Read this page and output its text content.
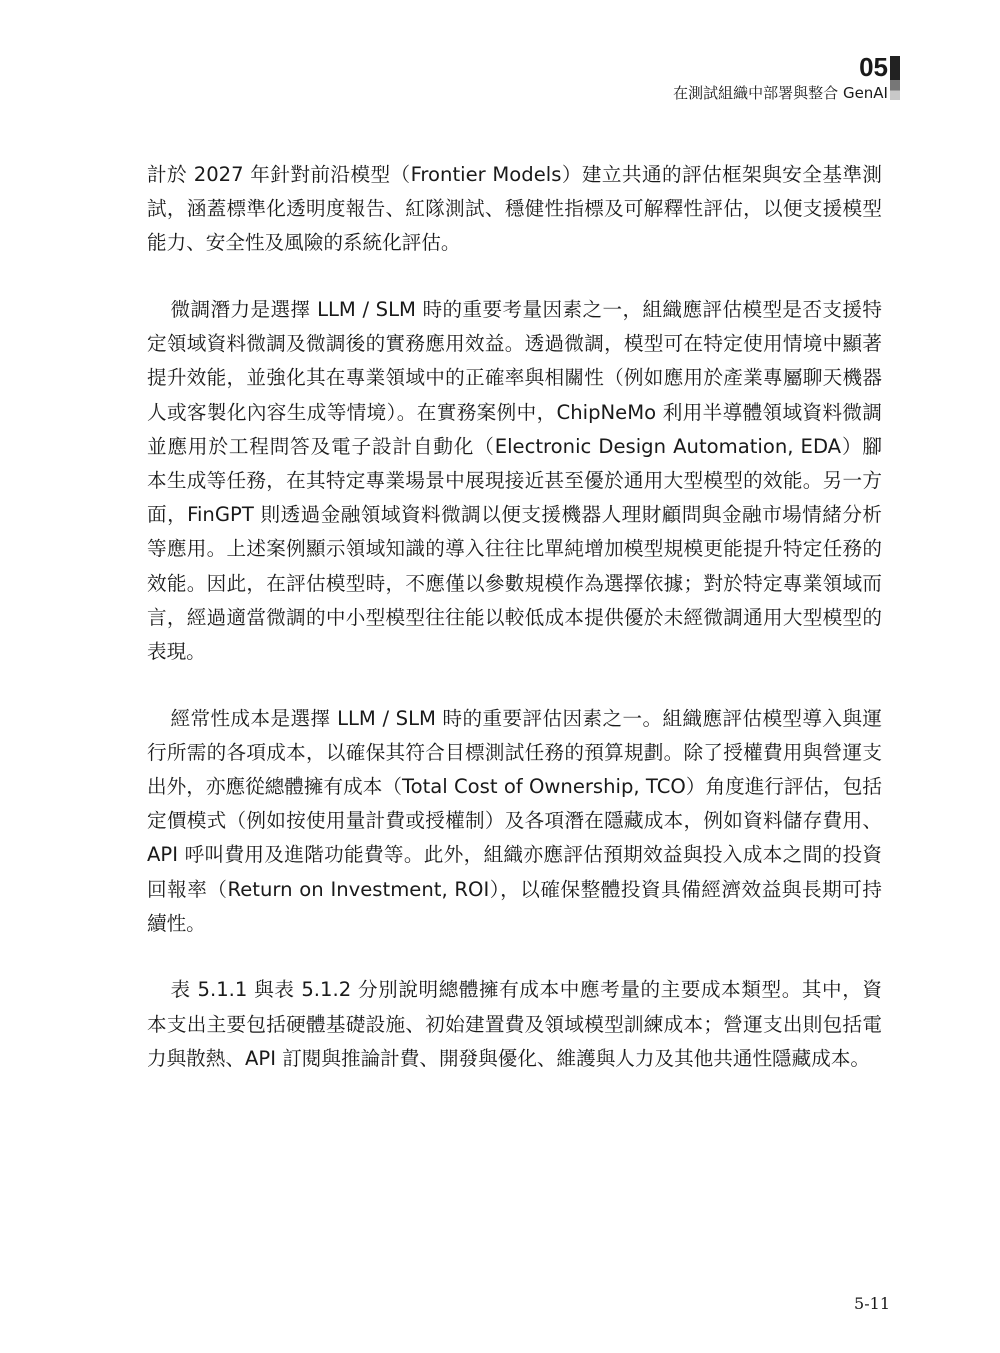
05
在測試組織中部署與整合 GenAI

計於 2027 年針對前沿模型（Frontier Models）建立共通的評估框架與安全基準測試，涵蓋標準化透明度報告、紅隊測試、穩健性指標及可解釋性評估，以便支援模型能力、安全性及風險的系統化評估。

微調潛力是選擇 LLM / SLM 時的重要考量因素之一，組織應評估模型是否支援特定領域資料微調及微調後的實務應用效益。透過微調，模型可在特定使用情境中顯著提升效能，並強化其在專業領域中的正確率與相關性（例如應用於產業專屬聊天機器人或客製化內容生成等情境）。在實務案例中，ChipNeMo 利用半導體領域資料微調並應用於工程問答及電子設計自動化（Electronic Design Automation, EDA）腳本生成等任務，在其特定專業場景中展現接近甚至優於通用大型模型的效能。另一方面，FinGPT 則透過金融領域資料微調以便支援機器人理財顧問與金融市場情緒分析等應用。上述案例顯示領域知識的導入往往比單純增加模型規模更能提升特定任務的效能。因此，在評估模型時，不應僅以參數規模作為選擇依據；對於特定專業領域而言，經過適當微調的中小型模型往往能以較低成本提供優於未經微調通用大型模型的表現。

經常性成本是選擇 LLM / SLM 時的重要評估因素之一。組織應評估模型導入與運行所需的各項成本，以確保其符合目標測試任務的預算規劃。除了授權費用與營運支出外，亦應從總體擁有成本（Total Cost of Ownership, TCO）角度進行評估，包括定價模式（例如按使用量計費或授權制）及各項潛在隱藏成本，例如資料儲存費用、API 呼叫費用及進階功能費等。此外，組織亦應評估預期效益與投入成本之間的投資回報率（Return on Investment, ROI），以確保整體投資具備經濟效益與長期可持續性。

表 5.1.1 與表 5.1.2 分別說明總體擁有成本中應考量的主要成本類型。其中，資本支出主要包括硬體基礎設施、初始建置費及領域模型訓練成本；營運支出則包括電力與散熱、API 訂閱與推論計費、開發與優化、維護與人力及其他共通性隱藏成本。

5-11
